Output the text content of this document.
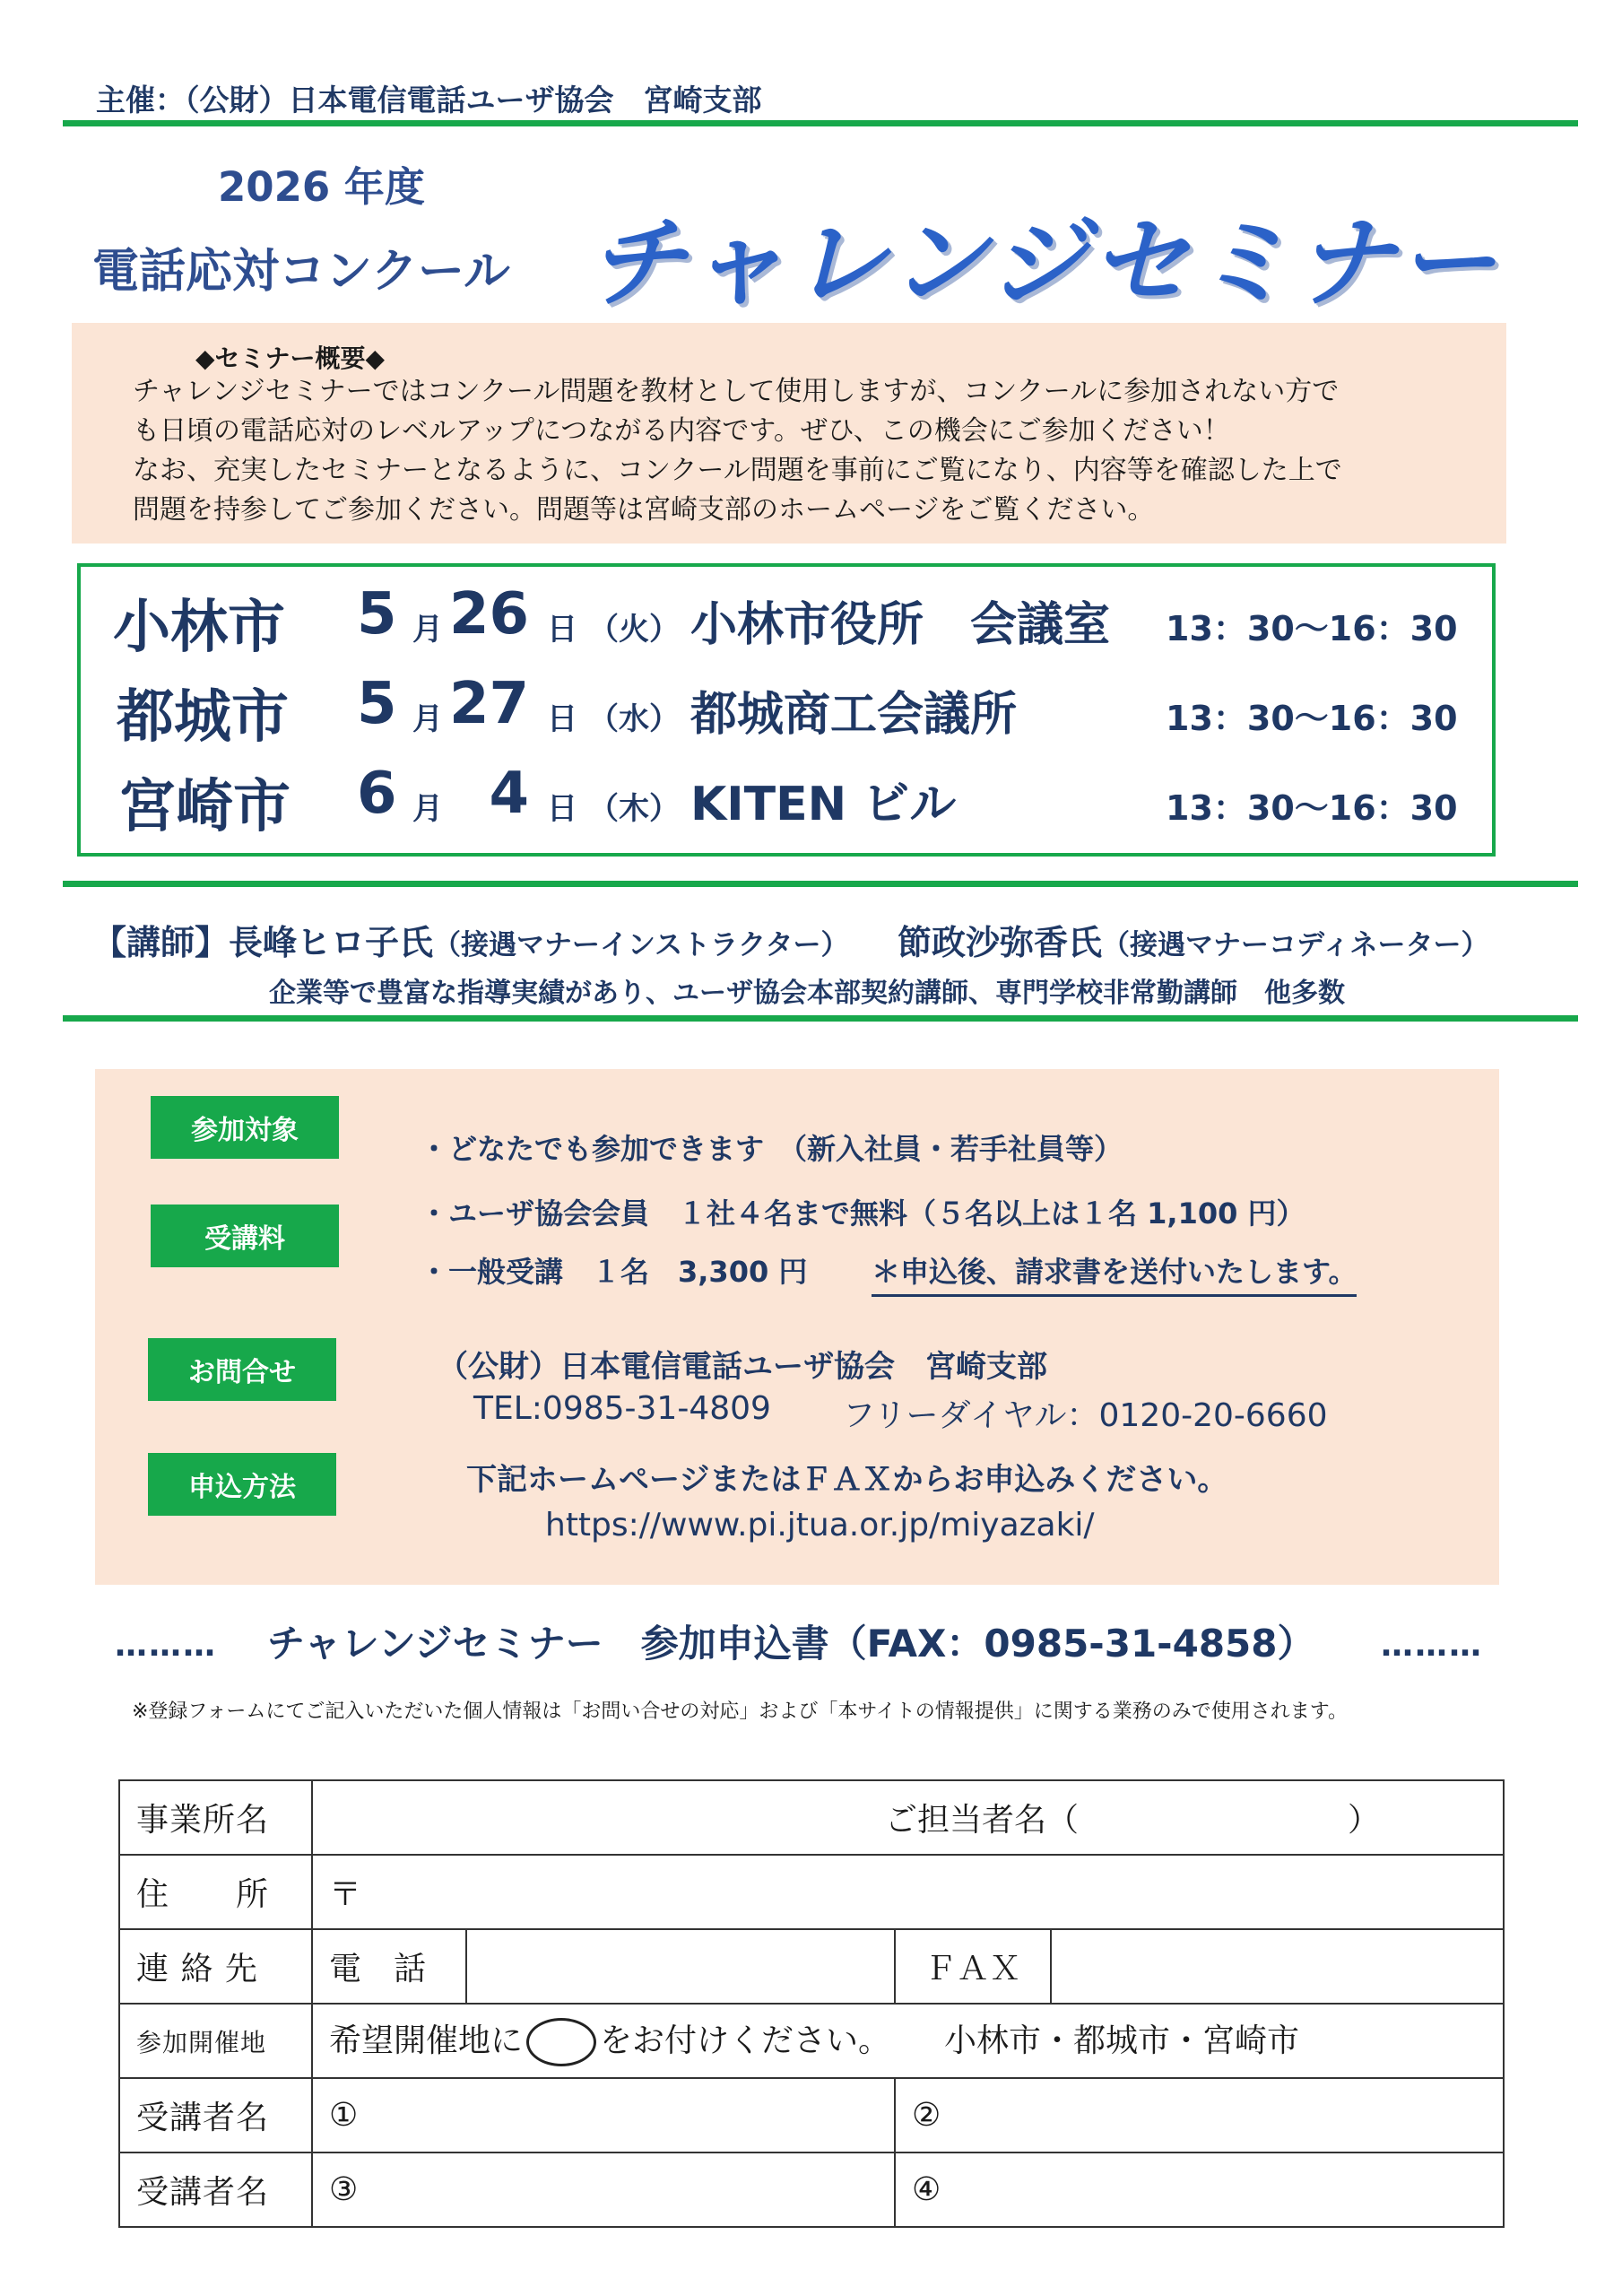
主催：（公財）日本電信電話ユーザ協会　宮崎支部
2026 年度
電話応対コンクール チャレンジセミナー
◆セミナー概要◆
チャレンジセミナーではコンクール問題を教材として使用しますが、コンクールに参加されない方で
も日頃の電話応対のレベルアップにつながる内容です。ぜひ、この機会にご参加ください！
なお、充実したセミナーとなるように、コンクール問題を事前にご覧になり、内容等を確認した上で
問題を持参してご参加ください。問題等は宮崎支部のホームページをご覧ください。
小林市 5 月 26 日 （火） 小林市役所　会議室 13：30〜16：30
都城市 5 月 27 日 （水） 都城商工会議所	13：30〜16：30
宮崎市 6 月 4 日 （木） KITEN ビル	13：30〜16：30
【講師】長峰ヒロ子氏（接遇マナーインストラクター） 節政沙弥香氏（接遇マナーコディネーター）
企業等で豊富な指導実績があり、ユーザ協会本部契約講師、専門学校非常勤講師　他多数
参加対象
・どなたでも参加できます　（新入社員・若手社員等）
受講料
・ユーザ協会会員　１社４名まで無料（５名以上は１名 1,100 円）
・一般受講　１名　3,300 円 ＊申込後、請求書を送付いたします。
お問合せ	（公財）日本電信電話ユーザ協会　宮崎支部
TEL:0985-31-4809 フリーダイヤル：0120-20-6660
申込方法	下記ホームページまたはＦＡＸからお申込みください。
https://www.pi.jtua.or.jp/miyazaki/
……… チャレンジセミナー　参加申込書（FAX：0985-31-4858） ………
※登録フォームにてご記入いただいた個人情報は「お問い合せの対応」および「本サイトの情報提供」に関する業務のみで使用されます。
事業所名	ご担当者名（ ）			
住　　所	〒			
連 絡 先	電　話		ＦＡＸ	
参加開催地	希望開催地に をお付けください。 小林市・都城市・宮崎市			
受講者名	①		②	
受講者名	③		④	
